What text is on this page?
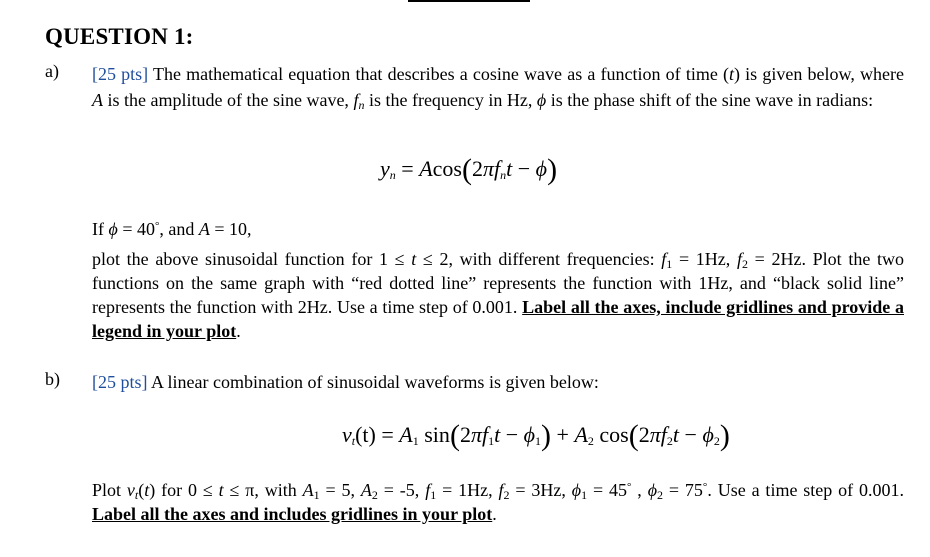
QUESTION 1:
a) [25 pts] The mathematical equation that describes a cosine wave as a function of time (t) is given below, where A is the amplitude of the sine wave, $f_n$ is the frequency in Hz, ϕ is the phase shift of the sine wave in radians:
$y_n = Acos(2\pi f_nt - \phi)$
If ϕ = 40°, and A = 10,
plot the above sinusoidal function for 1 ≤ t ≤ 2, with different frequencies: $f_1 = 1Hz$, $f_2 = 2Hz$. Plot the two functions on the same graph with “red dotted line” represents the function with 1Hz, and “black solid line” represents the function with 2Hz. Use a time step of 0.001. Label all the axes, include gridlines and provide a legend in your plot.
b) [25 pts] A linear combination of sinusoidal waveforms is given below:
$v_t(t) = A_1$ $\sin(2\pi f_1t - \phi_1) + A_2$ $\cos(2\pi f_2t - \phi_2)$
Plot $v_t(t)$ for 0 ≤ t ≤ π, with $A_1 = 5$, $A_2 = -5$, $f_1 = 1Hz$, $f_2 = 3Hz$, $\phi_1 = 45^\circ$ , $\phi_2 = 75^\circ$. Use a time step of 0.001. Label all the axes and includes gridlines in your plot.
